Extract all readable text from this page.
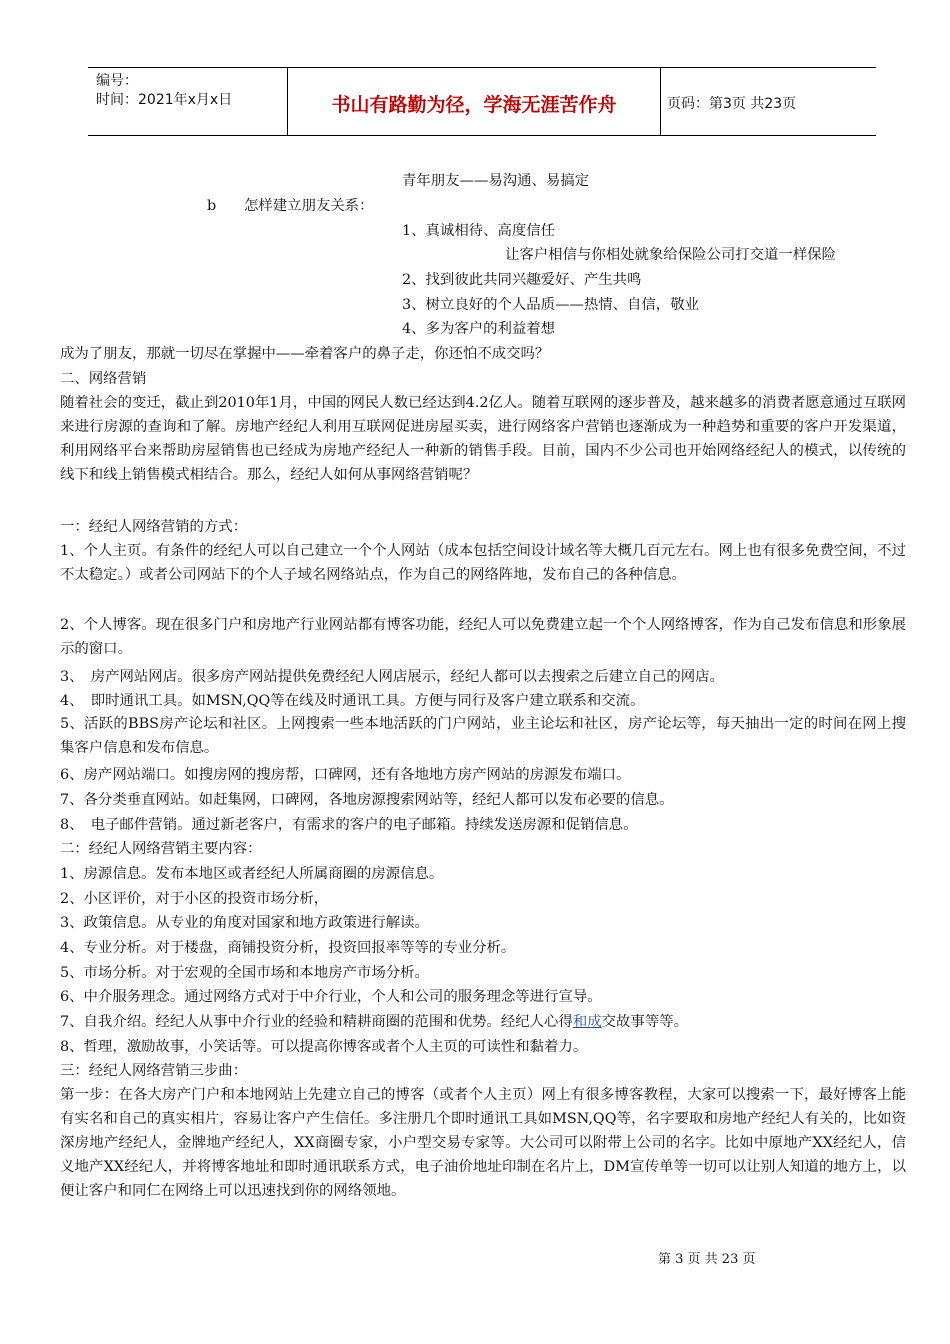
编号：
时间：2021年x月x日	书山有路勤为径，学海无涯苦作舟	页码：第3页 共23页
青年朋友——易沟通、易搞定
b 怎样建立朋友关系：
1、真诚相待、高度信任
让客户相信与你相处就象给保险公司打交道一样保险
2、找到彼此共同兴趣爱好、产生共鸣
3、树立良好的个人品质——热情、自信，敬业
4、多为客户的利益着想
成为了朋友，那就一切尽在掌握中——牵着客户的鼻子走，你还怕不成交吗？
二、网络营销
随着社会的变迁，截止到2010年1月，中国的网民人数已经达到4.2亿人。随着互联网的逐步普及，越来越多的消费者愿意通过互联网来进行房源的查询和了解。房地产经纪人利用互联网促进房屋买卖，进行网络客户营销也逐渐成为一种趋势和重要的客户开发渠道，利用网络平台来帮助房屋销售也已经成为房地产经纪人一种新的销售手段。目前，国内不少公司也开始网络经纪人的模式，以传统的线下和线上销售模式相结合。那么，经纪人如何从事网络营销呢？
一：经纪人网络营销的方式：
1、个人主页。有条件的经纪人可以自己建立一个个人网站（成本包括空间设计域名等大概几百元左右。网上也有很多免费空间，不过不太稳定。）或者公司网站下的个人子域名网络站点，作为自己的网络阵地，发布自己的各种信息。
2、个人博客。现在很多门户和房地产行业网站都有博客功能，经纪人可以免费建立起一个个人网络博客，作为自己发布信息和形象展示的窗口。
3、　房产网站网店。很多房产网站提供免费经纪人网店展示，经纪人都可以去搜索之后建立自己的网店。
4、　即时通讯工具。如MSN,QQ等在线及时通讯工具。方便与同行及客户建立联系和交流。
5、活跃的BBS房产论坛和社区。上网搜索一些本地活跃的门户网站，业主论坛和社区，房产论坛等，每天抽出一定的时间在网上搜集客户信息和发布信息。
6、房产网站端口。如搜房网的搜房帮，口碑网，还有各地地方房产网站的房源发布端口。
7、各分类垂直网站。如赶集网，口碑网，各地房源搜索网站等，经纪人都可以发布必要的信息。
8、　电子邮件营销。通过新老客户，有需求的客户的电子邮箱。持续发送房源和促销信息。
二：经纪人网络营销主要内容：
1、房源信息。发布本地区或者经纪人所属商圈的房源信息。
2、小区评价，对于小区的投资市场分析，
3、政策信息。从专业的角度对国家和地方政策进行解读。
4、专业分析。对于楼盘，商铺投资分析，投资回报率等等的专业分析。
5、市场分析。对于宏观的全国市场和本地房产市场分析。
6、中介服务理念。通过网络方式对于中介行业，个人和公司的服务理念等进行宣导。
7、自我介绍。经纪人从事中介行业的经验和精耕商圈的范围和优势。经纪人心得和成交故事等等。
8、哲理，激励故事，小笑话等。可以提高你博客或者个人主页的可读性和黏着力。
三：经纪人网络营销三步曲：
第一步：在各大房产门户和本地网站上先建立自己的博客（或者个人主页）网上有很多博客教程，大家可以搜索一下，最好博客上能有实名和自己的真实相片，容易让客户产生信任。多注册几个即时通讯工具如MSN,QQ等，名字要取和房地产经纪人有关的，比如资深房地产经纪人，金牌地产经纪人，XX商圈专家，小户型交易专家等。大公司可以附带上公司的名字。比如中原地产XX经纪人，信义地产XX经纪人，并将博客地址和即时通讯联系方式，电子油价地址印制在名片上，DM宣传单等一切可以让别人知道的地方上，以便让客户和同仁在网络上可以迅速找到你的网络领地。
第 3 页 共 23 页
